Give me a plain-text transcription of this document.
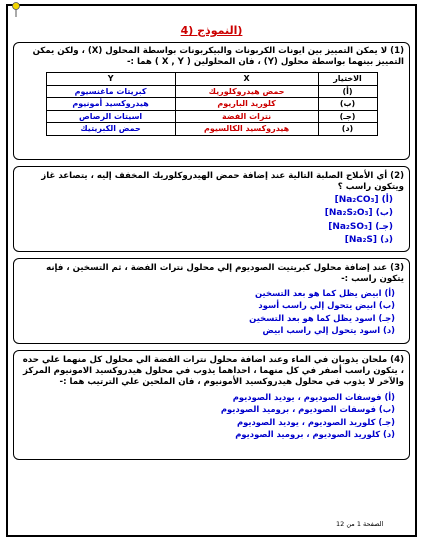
(النموذج (4
(1) لا يمكن التمييز بين ايونات الكربونات والبيكربونات بواسطة المحلول (X) ، ولكن يمكن التمييز بينهما بواسطة محلول (Y) ، فان المحلولين ( X , Y ) هما :-
الاختيار	X	Y
(أ)	حمض هيدروكلوريك	كبريتات ماغنسيوم
(ب)	كلوريد الباريوم	هيدروكسيد أمونيوم
(جـ)	نترات الفضة	اسيتات الرصاص
(د)	هيدروكسيد الكالسيوم	حمض الكبريتيك
(2) أي الأملاح الصلبة التالية عند إضافة حمض الهيدروكلوريك المخفف إليه ، يتصاعد غاز ويتكون راسب ؟
(أ) [Na₂CO₃]
(ب) [Na₂S₂O₃]
(جـ) [Na₂SO₃]
(د) [Na₂S]
(3) عند إضافة محلول كبريتيت الصوديوم إلي محلول نترات الفضة ، ثم التسخين ، فإنه يتكون راسب :-
(أ) ابيض يظل كما هو بعد التسخين
(ب) ابيض يتحول إلي راسب أسود
(جـ) اسود يظل كما هو بعد التسخين
(د) اسود يتحول إلي راسب ابيض
(4) ملحان يذوبان في الماء وعند اضافة محلول نترات الفضة الي محلول كل منهما علي حده ، يتكون راسب أصفر في كل منهما ، احداهما يذوب في محلول هيدروكسيد الامونيوم المركز والآخر لا يذوب في محلول هيدروكسيد الأمونيوم ، فان الملحين علي الترتيب هما :-
(أ) فوسفات الصوديوم ، يوديد الصوديوم
(ب) فوسفات الصوديوم ، بروميد الصوديوم
(جـ) كلوريد الصوديوم ، يوديد الصوديوم
(د) كلوريد الصوديوم ، بروميد الصوديوم
الصفحة 1 من 12
